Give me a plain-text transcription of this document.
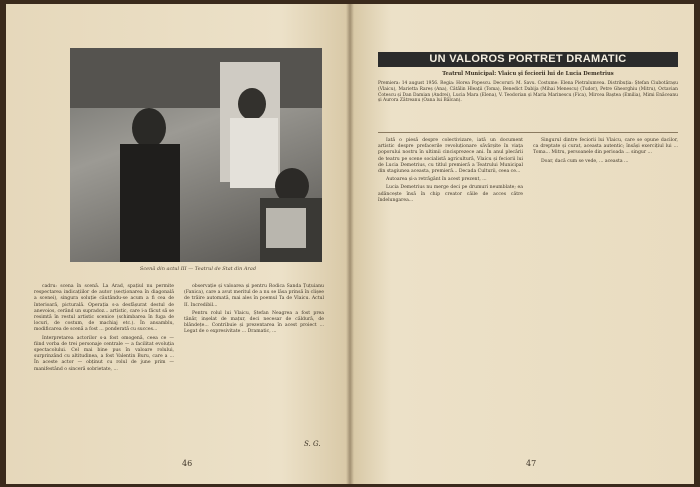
Scenă din actul III — Teatrul de Stat din Arad

cadru: scena în scenă. La Arad, spațiul nu permite respectarea indicațiilor de autor (secționarea în diagonală a scenei), singura soluție căutându-se acum a fi cea de înterioară, picturală. Operația s-a desfășurat destul de anevoios, cerând un supradoz... artistic, care i-a făcut să se resimtă în restul artistic scenice (schimbarea în fuga de locuri, de costum, de machiaj etc.). În ansamblu, modificarea de scenă a fost ... ponderată cu succes...

Interpretarea actorilor s-a fost omogenă, ceea ce — fiind vorba de trei personaje centrale — a facilitat evoluția spectacolului. Cel mai bine pus în valoare rolului, surprinzând cu altitudinea, a fost Valentin Buru, care a ... În aceste actor — obținut cu rolul de june prim — manifestând o sinceră sobrietate, ...

observație și valoarea și pentru Rodica Sanda Țuțuianu (Fanica), care a avut meritul de a nu se lăsa prinsă în clișee de trăire automată, mai ales în poemul Ta de Vlaicu. Actul II. Incredibil...

Pentru rolul lui Vlaicu, Ștefan Neagrea a fost prea tânăr, inșelat de mațur, deci necesar de căldură, de blândețe... Contribuie și prezentarea în acest proiect ... Legat de o expresivitate ... Dramatic, ...

S. G.
46
UN VALOROS PORTRET DRAMATIC
Teatrul Municipal: Vlaicu şi feciorii lui de Lucia Demetrius
Premiera: 14 august 1956. Regia: Horea Popescu. Decoruri: M. Savu. Costume: Elena Pietralumvea. Distribuția: Ștefan Ciubotărașu (Vlaicu), Marietta Rareș (Ana), Cătălin Hleații (Toma), Benedict Dabija (Mihai Menescu) (Tudor), Petre Gheorghiu (Mitru), Octavian Cotescu și Dan Damian (Andrei), Lucia Mara (Elena), V. Teodorian și Maria Marinescu (Fica), Mircea Baștea (Emilia), Mimi Enăceanu și Aurora Zătreanu (Oana lui Bălcan).

Iată o piesă despre colectivizare, iată un document artistic despre prefacerile revoluționare săvârșite în viața poporului nostru în ultimii cincisprezece ani. În anul plecării de teatru pe scene socialistă agricultură, Vlaicu și feciorii lui de Lucia Demetrius, cu titlul premieră a Teatrului Municipal din stagiunea aceasta, premieră... Decada Culturii, ceea ce...

Autoarea și-a retrăgânt în acest prezent, ...

Lucia Demetrius nu merge deci pe drumuri neumblate; ea adâncește însă în chip creator căile de acces către îndelungarea...

Singurul dintre feciorii lui Vlaicu, care se opune dacilor, ca dreptate și curat, aceasta autentic; însăși exercițiul lui ... Toma... Mitru, persoanele din perioada ... singur ...

Doar, dacă cum se vede, ... aceasta ...

47
